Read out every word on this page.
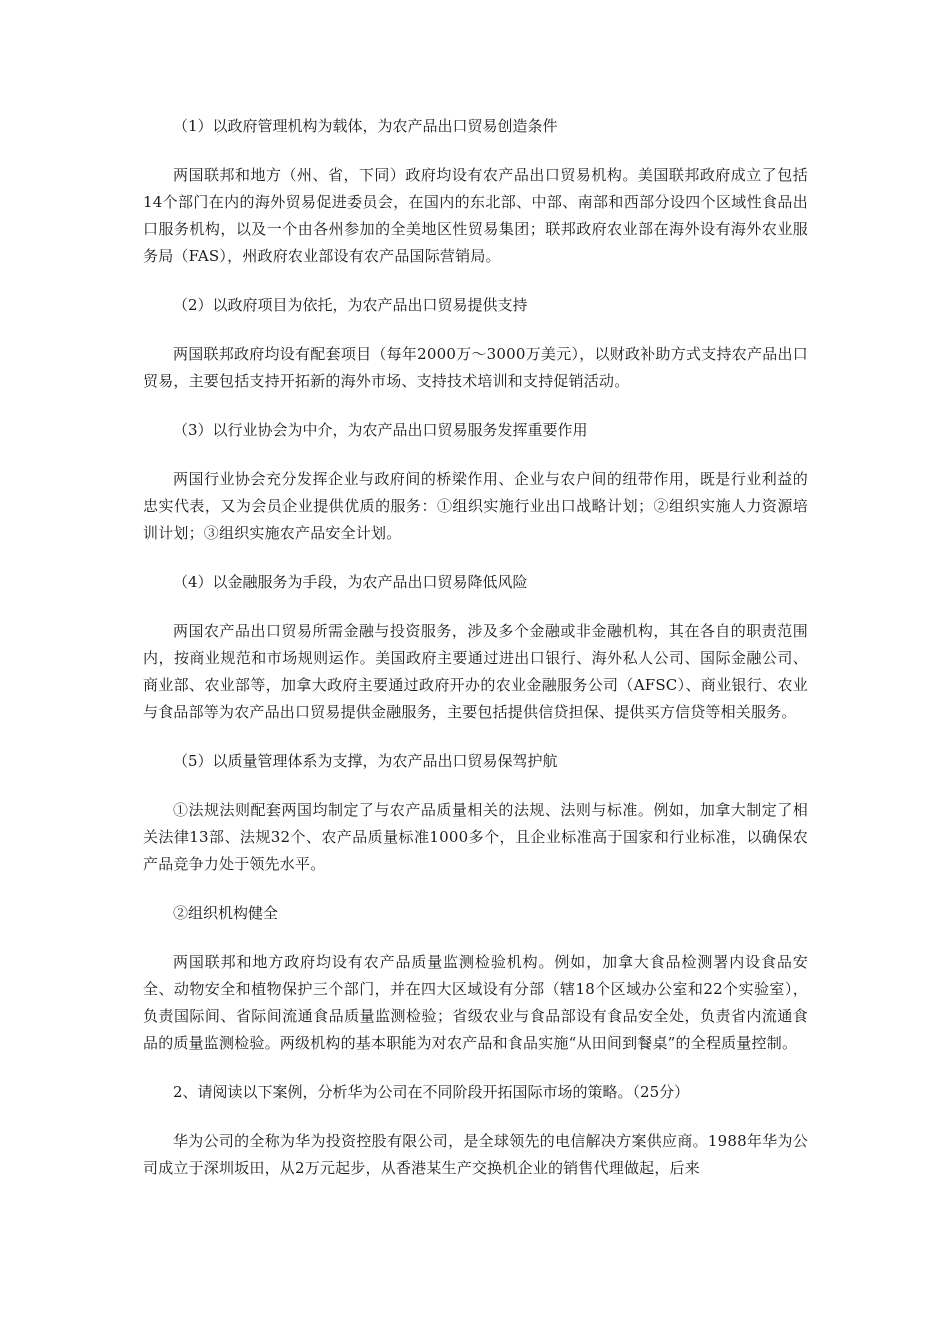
（1）以政府管理机构为载体，为农产品出口贸易创造条件

两国联邦和地方（州、省，下同）政府均设有农产品出口贸易机构。美国联邦政府成立了包括14个部门在内的海外贸易促进委员会，在国内的东北部、中部、南部和西部分设四个区域性食品出口服务机构，以及一个由各州参加的全美地区性贸易集团；联邦政府农业部在海外设有海外农业服务局（FAS），州政府农业部设有农产品国际营销局。

（2）以政府项目为依托，为农产品出口贸易提供支持

两国联邦政府均设有配套项目（每年2000万～3000万美元），以财政补助方式支持农产品出口贸易，主要包括支持开拓新的海外市场、支持技术培训和支持促销活动。

（3）以行业协会为中介，为农产品出口贸易服务发挥重要作用

两国行业协会充分发挥企业与政府间的桥梁作用、企业与农户间的纽带作用，既是行业利益的忠实代表，又为会员企业提供优质的服务：①组织实施行业出口战略计划；②组织实施人力资源培训计划；③组织实施农产品安全计划。

（4）以金融服务为手段，为农产品出口贸易降低风险

两国农产品出口贸易所需金融与投资服务，涉及多个金融或非金融机构，其在各自的职责范围内，按商业规范和市场规则运作。美国政府主要通过进出口银行、海外私人公司、国际金融公司、商业部、农业部等，加拿大政府主要通过政府开办的农业金融服务公司（AFSC）、商业银行、农业与食品部等为农产品出口贸易提供金融服务，主要包括提供信贷担保、提供买方信贷等相关服务。

（5）以质量管理体系为支撑，为农产品出口贸易保驾护航

①法规法则配套两国均制定了与农产品质量相关的法规、法则与标准。例如，加拿大制定了相关法律13部、法规32个、农产品质量标准1000多个，且企业标准高于国家和行业标准，以确保农产品竞争力处于领先水平。

②组织机构健全

两国联邦和地方政府均设有农产品质量监测检验机构。例如，加拿大食品检测署内设食品安全、动物安全和植物保护三个部门，并在四大区域设有分部（辖18个区域办公室和22个实验室），负责国际间、省际间流通食品质量监测检验；省级农业与食品部设有食品安全处，负责省内流通食品的质量监测检验。两级机构的基本职能为对农产品和食品实施“从田间到餐桌”的全程质量控制。

2、请阅读以下案例，分析华为公司在不同阶段开拓国际市场的策略。（25分）

华为公司的全称为华为投资控股有限公司，是全球领先的电信解决方案供应商。1988年华为公司成立于深圳坂田，从2万元起步，从香港某生产交换机企业的销售代理做起，后来
